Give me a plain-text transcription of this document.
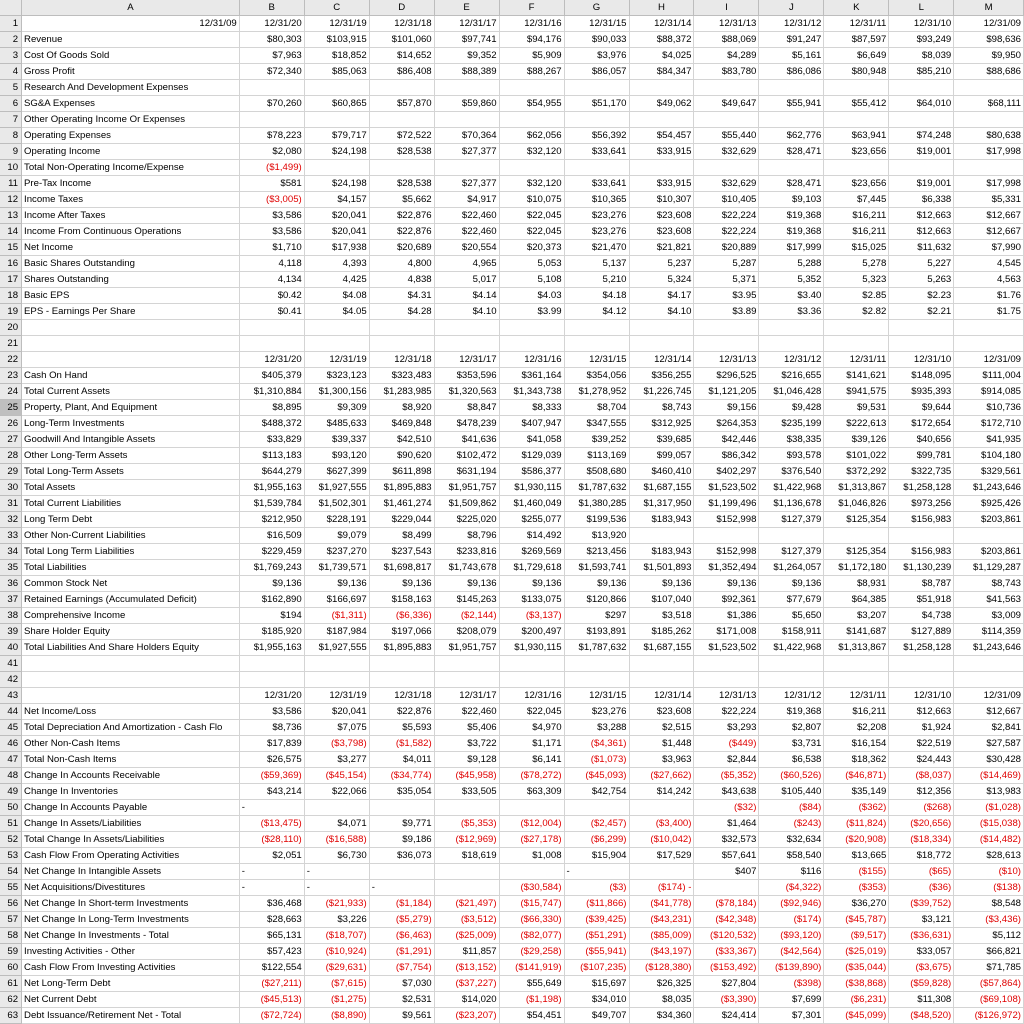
	A	B	C	D	E	F	G	H	I	J	K	L	M
1	12/31/09	12/31/20	12/31/19	12/31/18	12/31/17	12/31/16	12/31/15	12/31/14	12/31/13	12/31/12	12/31/11	12/31/10	12/31/09
2	Revenue	$80,303	$103,915	$101,060	$97,741	$94,176	$90,033	$88,372	$88,069	$91,247	$87,597	$93,249	$98,636
3	Cost Of Goods Sold	$7,963	$18,852	$14,652	$9,352	$5,909	$3,976	$4,025	$4,289	$5,161	$6,649	$8,039	$9,950
4	Gross Profit	$72,340	$85,063	$86,408	$88,389	$88,267	$86,057	$84,347	$83,780	$86,086	$80,948	$85,210	$88,686
5	Research And Development Expenses												
6	SG&A Expenses	$70,260	$60,865	$57,870	$59,860	$54,955	$51,170	$49,062	$49,647	$55,941	$55,412	$64,010	$68,111
7	Other Operating Income Or Expenses												
8	Operating Expenses	$78,223	$79,717	$72,522	$70,364	$62,056	$56,392	$54,457	$55,440	$62,776	$63,941	$74,248	$80,638
9	Operating Income	$2,080	$24,198	$28,538	$27,377	$32,120	$33,641	$33,915	$32,629	$28,471	$23,656	$19,001	$17,998
10	Total Non-Operating Income/Expense	($1,499)											
11	Pre-Tax Income	$581	$24,198	$28,538	$27,377	$32,120	$33,641	$33,915	$32,629	$28,471	$23,656	$19,001	$17,998
12	Income Taxes	($3,005)	$4,157	$5,662	$4,917	$10,075	$10,365	$10,307	$10,405	$9,103	$7,445	$6,338	$5,331
13	Income After Taxes	$3,586	$20,041	$22,876	$22,460	$22,045	$23,276	$23,608	$22,224	$19,368	$16,211	$12,663	$12,667
14	Income From Continuous Operations	$3,586	$20,041	$22,876	$22,460	$22,045	$23,276	$23,608	$22,224	$19,368	$16,211	$12,663	$12,667
15	Net Income	$1,710	$17,938	$20,689	$20,554	$20,373	$21,470	$21,821	$20,889	$17,999	$15,025	$11,632	$7,990
16	Basic Shares Outstanding	4,118	4,393	4,800	4,965	5,053	5,137	5,237	5,287	5,288	5,278	5,227	4,545
17	Shares Outstanding	4,134	4,425	4,838	5,017	5,108	5,210	5,324	5,371	5,352	5,323	5,263	4,563
18	Basic EPS	$0.42	$4.08	$4.31	$4.14	$4.03	$4.18	$4.17	$3.95	$3.40	$2.85	$2.23	$1.76
19	EPS - Earnings Per Share	$0.41	$4.05	$4.28	$4.10	$3.99	$4.12	$4.10	$3.89	$3.36	$2.82	$2.21	$1.75
20													
21													
22		12/31/20	12/31/19	12/31/18	12/31/17	12/31/16	12/31/15	12/31/14	12/31/13	12/31/12	12/31/11	12/31/10	12/31/09
23	Cash On Hand	$405,379	$323,123	$323,483	$353,596	$361,164	$354,056	$356,255	$296,525	$216,655	$141,621	$148,095	$111,004
24	Total Current Assets	$1,310,884	$1,300,156	$1,283,985	$1,320,563	$1,343,738	$1,278,952	$1,226,745	$1,121,205	$1,046,428	$941,575	$935,393	$914,085
25	Property, Plant, And Equipment	$8,895	$9,309	$8,920	$8,847	$8,333	$8,704	$8,743	$9,156	$9,428	$9,531	$9,644	$10,736
26	Long-Term Investments	$488,372	$485,633	$469,848	$478,239	$407,947	$347,555	$312,925	$264,353	$235,199	$222,613	$172,654	$172,710
27	Goodwill And Intangible Assets	$33,829	$39,337	$42,510	$41,636	$41,058	$39,252	$39,685	$42,446	$38,335	$39,126	$40,656	$41,935
28	Other Long-Term Assets	$113,183	$93,120	$90,620	$102,472	$129,039	$113,169	$99,057	$86,342	$93,578	$101,022	$99,781	$104,180
29	Total Long-Term Assets	$644,279	$627,399	$611,898	$631,194	$586,377	$508,680	$460,410	$402,297	$376,540	$372,292	$322,735	$329,561
30	Total Assets	$1,955,163	$1,927,555	$1,895,883	$1,951,757	$1,930,115	$1,787,632	$1,687,155	$1,523,502	$1,422,968	$1,313,867	$1,258,128	$1,243,646
31	Total Current Liabilities	$1,539,784	$1,502,301	$1,461,274	$1,509,862	$1,460,049	$1,380,285	$1,317,950	$1,199,496	$1,136,678	$1,046,826	$973,256	$925,426
32	Long Term Debt	$212,950	$228,191	$229,044	$225,020	$255,077	$199,536	$183,943	$152,998	$127,379	$125,354	$156,983	$203,861
33	Other Non-Current Liabilities	$16,509	$9,079	$8,499	$8,796	$14,492	$13,920						
34	Total Long Term Liabilities	$229,459	$237,270	$237,543	$233,816	$269,569	$213,456	$183,943	$152,998	$127,379	$125,354	$156,983	$203,861
35	Total Liabilities	$1,769,243	$1,739,571	$1,698,817	$1,743,678	$1,729,618	$1,593,741	$1,501,893	$1,352,494	$1,264,057	$1,172,180	$1,130,239	$1,129,287
36	Common Stock Net	$9,136	$9,136	$9,136	$9,136	$9,136	$9,136	$9,136	$9,136	$9,136	$8,931	$8,787	$8,743
37	Retained Earnings (Accumulated Deficit)	$162,890	$166,697	$158,163	$145,263	$133,075	$120,866	$107,040	$92,361	$77,679	$64,385	$51,918	$41,563
38	Comprehensive Income	$194	($1,311)	($6,336)	($2,144)	($3,137)	$297	$3,518	$1,386	$5,650	$3,207	$4,738	$3,009
39	Share Holder Equity	$185,920	$187,984	$197,066	$208,079	$200,497	$193,891	$185,262	$171,008	$158,911	$141,687	$127,889	$114,359
40	Total Liabilities And Share Holders Equity	$1,955,163	$1,927,555	$1,895,883	$1,951,757	$1,930,115	$1,787,632	$1,687,155	$1,523,502	$1,422,968	$1,313,867	$1,258,128	$1,243,646
41													
42													
43		12/31/20	12/31/19	12/31/18	12/31/17	12/31/16	12/31/15	12/31/14	12/31/13	12/31/12	12/31/11	12/31/10	12/31/09
44	Net Income/Loss	$3,586	$20,041	$22,876	$22,460	$22,045	$23,276	$23,608	$22,224	$19,368	$16,211	$12,663	$12,667
45	Total Depreciation And Amortization - Cash Flo	$8,736	$7,075	$5,593	$5,406	$4,970	$3,288	$2,515	$3,293	$2,807	$2,208	$1,924	$2,841
46	Other Non-Cash Items	$17,839	($3,798)	($1,582)	$3,722	$1,171	($4,361)	$1,448	($449)	$3,731	$16,154	$22,519	$27,587
47	Total Non-Cash Items	$26,575	$3,277	$4,011	$9,128	$6,141	($1,073)	$3,963	$2,844	$6,538	$18,362	$24,443	$30,428
48	Change In Accounts Receivable	($59,369)	($45,154)	($34,774)	($45,958)	($78,272)	($45,093)	($27,662)	($5,352)	($60,526)	($46,871)	($8,037)	($14,469)
49	Change In Inventories	$43,214	$22,066	$35,054	$33,505	$63,309	$42,754	$14,242	$43,638	$105,440	$35,149	$12,356	$13,983
50	Change In Accounts Payable	-							($32)	($84)	($362)	($268)	($1,028)
51	Change In Assets/Liabilities	($13,475)	$4,071	$9,771	($5,353)	($12,004)	($2,457)	($3,400)	$1,464	($243)	($11,824)	($20,656)	($15,038)
52	Total Change In Assets/Liabilities	($28,110)	($16,588)	$9,186	($12,969)	($27,178)	($6,299)	($10,042)	$32,573	$32,634	($20,908)	($18,334)	($14,482)
53	Cash Flow From Operating Activities	$2,051	$6,730	$36,073	$18,619	$1,008	$15,904	$17,529	$57,641	$58,540	$13,665	$18,772	$28,613
54	Net Change In Intangible Assets	-	-				-		$407	$116	($155)	($65)	($10)
55	Net Acquisitions/Divestitures	-	-	-		($30,584)	($3)	($174) -		($4,322)	($353)	($36)	($138)
56	Net Change In Short-term Investments	$36,468	($21,933)	($1,184)	($21,497)	($15,747)	($11,866)	($41,778)	($78,184)	($92,946)	$36,270	($39,752)	$8,548
57	Net Change In Long-Term Investments	$28,663	$3,226	($5,279)	($3,512)	($66,330)	($39,425)	($43,231)	($42,348)	($174)	($45,787)	$3,121	($3,436)
58	Net Change In Investments - Total	$65,131	($18,707)	($6,463)	($25,009)	($82,077)	($51,291)	($85,009)	($120,532)	($93,120)	($9,517)	($36,631)	$5,112
59	Investing Activities - Other	$57,423	($10,924)	($1,291)	$11,857	($29,258)	($55,941)	($43,197)	($33,367)	($42,564)	($25,019)	$33,057	$66,821
60	Cash Flow From Investing Activities	$122,554	($29,631)	($7,754)	($13,152)	($141,919)	($107,235)	($128,380)	($153,492)	($139,890)	($35,044)	($3,675)	$71,785
61	Net Long-Term Debt	($27,211)	($7,615)	$7,030	($37,227)	$55,649	$15,697	$26,325	$27,804	($398)	($38,868)	($59,828)	($57,864)
62	Net Current Debt	($45,513)	($1,275)	$2,531	$14,020	($1,198)	$34,010	$8,035	($3,390)	$7,699	($6,231)	$11,308	($69,108)
63	Debt Issuance/Retirement Net - Total	($72,724)	($8,890)	$9,561	($23,207)	$54,451	$49,707	$34,360	$24,414	$7,301	($45,099)	($48,520)	($126,972)
